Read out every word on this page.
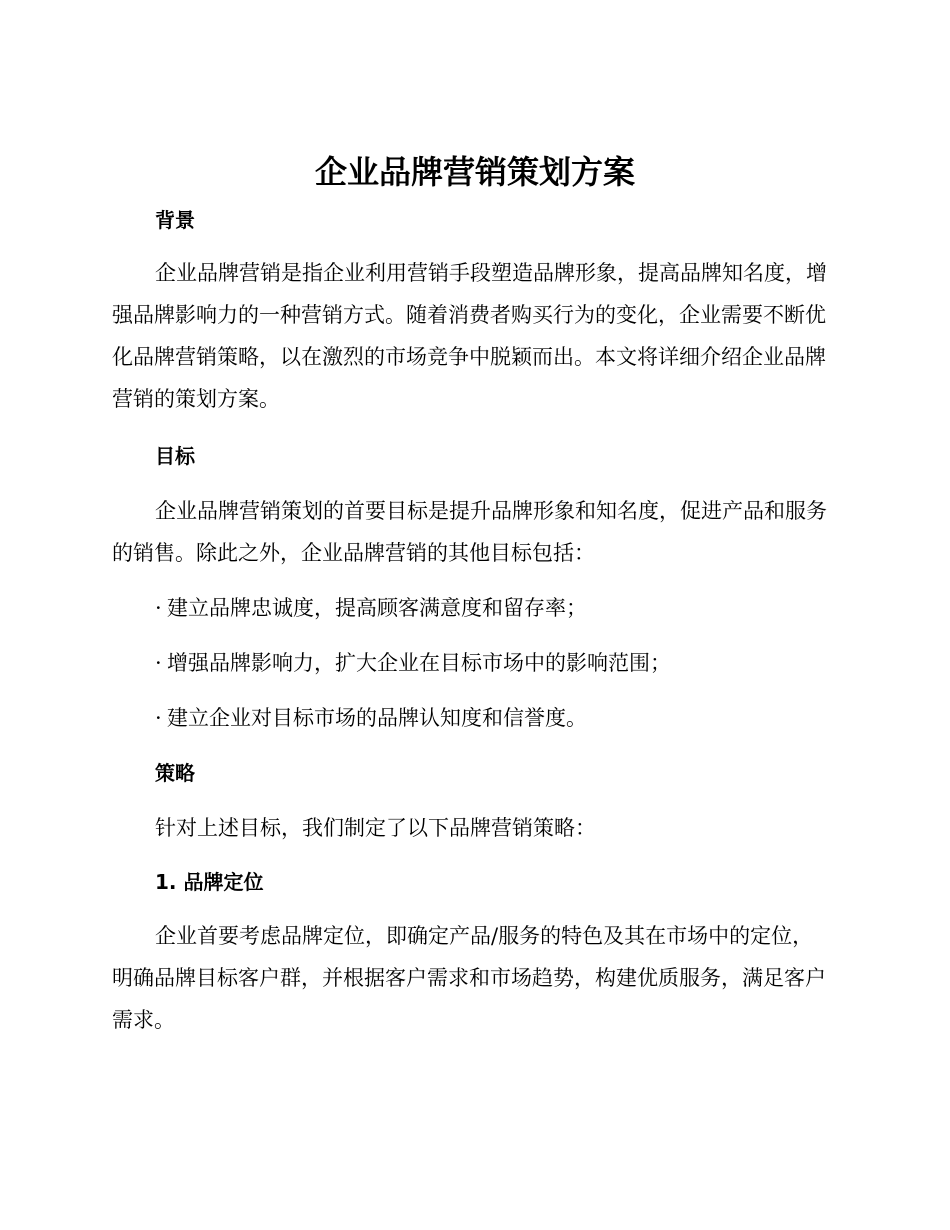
企业品牌营销策划方案
背景

企业品牌营销是指企业利用营销手段塑造品牌形象，提高品牌知名度，增强品牌影响力的一种营销方式。随着消费者购买行为的变化，企业需要不断优化品牌营销策略，以在激烈的市场竞争中脱颖而出。本文将详细介绍企业品牌营销的策划方案。

目标

企业品牌营销策划的首要目标是提升品牌形象和知名度，促进产品和服务的销售。除此之外，企业品牌营销的其他目标包括：

· 建立品牌忠诚度，提高顾客满意度和留存率；
· 增强品牌影响力，扩大企业在目标市场中的影响范围；
· 建立企业对目标市场的品牌认知度和信誉度。
策略

针对上述目标，我们制定了以下品牌营销策略：

1. 品牌定位

企业首要考虑品牌定位，即确定产品/服务的特色及其在市场中的定位，明确品牌目标客户群，并根据客户需求和市场趋势，构建优质服务，满足客户需求。
